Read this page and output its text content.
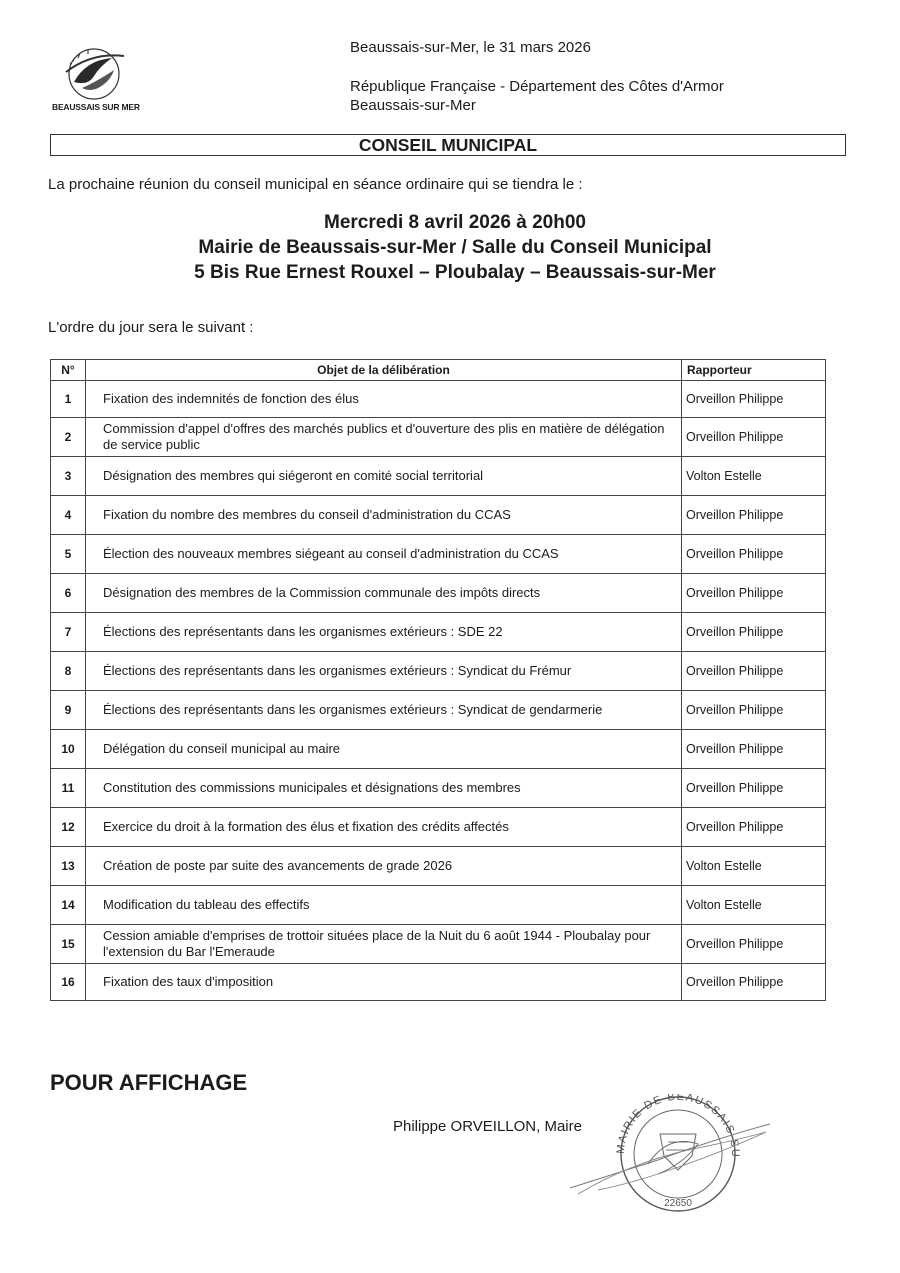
BEAUSSAIS SUR MER
Beaussais-sur-Mer, le 31 mars 2026
République Française - Département des Côtes d'Armor
Beaussais-sur-Mer
CONSEIL MUNICIPAL
La prochaine réunion du conseil municipal en séance ordinaire qui se tiendra le :
Mercredi 8 avril 2026 à 20h00
Mairie de Beaussais-sur-Mer / Salle du Conseil Municipal
5 Bis Rue Ernest Rouxel – Ploubalay – Beaussais-sur-Mer
L'ordre du jour sera le suivant :
N°	Objet de la délibération	Rapporteur
1	Fixation des indemnités de fonction des élus	Orveillon Philippe
2	Commission d'appel d'offres des marchés publics et d'ouverture des plis en matière de délégation de service public	Orveillon Philippe
3	Désignation des membres qui siégeront en comité social territorial	Volton Estelle
4	Fixation du nombre des membres du conseil d'administration du CCAS	Orveillon Philippe
5	Élection des nouveaux membres siégeant au conseil d'administration du CCAS	Orveillon Philippe
6	Désignation des membres de la Commission communale des impôts directs	Orveillon Philippe
7	Élections des représentants dans les organismes extérieurs : SDE 22	Orveillon Philippe
8	Élections des représentants dans les organismes extérieurs : Syndicat du Frémur	Orveillon Philippe
9	Élections des représentants dans les organismes extérieurs : Syndicat de gendarmerie	Orveillon Philippe
10	Délégation du conseil municipal au maire	Orveillon Philippe
11	Constitution des commissions municipales et désignations des membres	Orveillon Philippe
12	Exercice du droit à la formation des élus et fixation des crédits affectés	Orveillon Philippe
13	Création de poste par suite des avancements de grade 2026	Volton Estelle
14	Modification du tableau des effectifs	Volton Estelle
15	Cession amiable d'emprises de trottoir situées place de la Nuit du 6 août 1944 - Ploubalay pour l'extension du Bar l'Emeraude	Orveillon Philippe
16	Fixation des taux d'imposition	Orveillon Philippe
POUR AFFICHAGE
Philippe ORVEILLON, Maire
MAIRIE DE BEAUSSAIS-SU
22650
